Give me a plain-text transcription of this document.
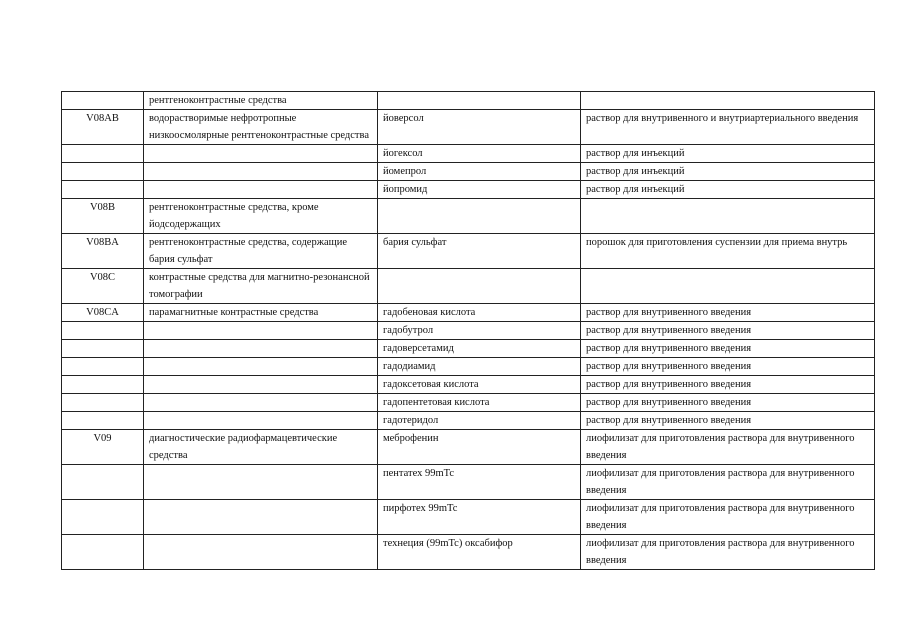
	рентгеноконтрастные средства		
V08AB	водорастворимые нефротропные низкоосмолярные рентгеноконтрастные средства	йоверсол	раствор для внутривенного и внутриартериального введения
		йогексол	раствор для инъекций
		йомепрол	раствор для инъекций
		йопромид	раствор для инъекций
V08B	рентгеноконтрастные средства, кроме йодсодержащих		
V08BA	рентгеноконтрастные средства, содержащие бария сульфат	бария сульфат	порошок для приготовления суспензии для приема внутрь
V08C	контрастные средства для магнитно-резонансной томографии		
V08CA	парамагнитные контрастные средства	гадобеновая кислота	раствор для внутривенного введения
		гадобутрол	раствор для внутривенного введения
		гадоверсетамид	раствор для внутривенного введения
		гадодиамид	раствор для внутривенного введения
		гадоксетовая кислота	раствор для внутривенного введения
		гадопентетовая кислота	раствор для внутривенного введения
		гадотеридол	раствор для внутривенного введения
V09	диагностические радиофармацевтические средства	меброфенин	лиофилизат для приготовления раствора для внутривенного введения
		пентатех 99mTc	лиофилизат для приготовления раствора для внутривенного введения
		пирфотех 99mTc	лиофилизат для приготовления раствора для внутривенного введения
		технеция (99mTc) оксабифор	лиофилизат для приготовления раствора для внутривенного введения
